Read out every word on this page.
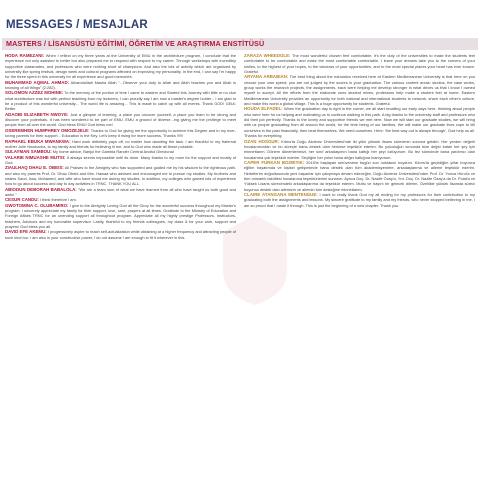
MESSAGES / MESAJLAR
MASTERS / LİSANSÜSTÜ EĞİTİMİ, ÖĞRETİM VE ARAŞTIRMA ENSTİTÜSÜ

HODA RAMEZANI: When I reflect on my three years at the University of EMU in the architecture program, I conclude that the experience not only assisted to better but also prepared me to respond with respect to my career. Through workshops with incredibly supportive classmates, and professors who were nothing short of champions. And also the lots of activity which are organized by university like spring festival, design week and cultural programs affected on improving my personality. In the end, I can say I'm happy for the three spent in this university for all experience and good memories.

MUHAMMAD AQMAL AHMAD: Alhamdulilah Masha Allah "...Observe your duty to Allah and Allah teaches you and Allah is knowing of all things" (2:282).

SOLOMON AZZEZ MOHINE: To the memory of the portion of time I came to eastern and Started this Journey with little or no clue what architecture was but with perfect teaching from my lecturers, I can proudly say I am now a master's degree holder... I am glad to be a product of this wonderful university... The world life is amazing... This is made to catch up with all events. Thank GOD! GEIA: Better

ADAOBI ELIZABETH NWOYE: Just a glimpse of learning, a place you uncover yourself, a place you learn to be strong and discover your potentials. It has been wonderful to be part of EMU. EMU a ground of diverse...ing giving me the privilege to meet people from all over the world. God bless EMU! God bless me!

OSEREMHEN HUMPHREY OMOZEJELE: Thanks to God for giving me the opportunity to achieve this Degree and to my ever-loving parents for their support... Education is the Key. Let's keep it rising for more success. Thanks !!!!!!

RAPHAEL EBUKA MWANKWA: Hard work definitely pays off, no matter how daunting the task. I am thankful to my fraternal mother Julie Nwokocha, to my family and friends for believing in me, and to God who made all these possible.

SULAYMAN SAMBOU: My home advice, Banjul the Gambia Rander Central Ancitul Direcional

VALARIE NIMUASHE MUTSI: It always seems impossible until its done. Many thanks to my mum for the support and mostly of God.

ZIAULHAQ DHAU E. OBEIS: All Praises to the Almighty who has supported and guided me by his wisdom to the righteous path, and also my parents Prof. Dr. Dhau Obeid and Mrs. Hawaa who advised and encouraged me to pursue my studies. My brothers and sisters Saud, Issa, Mohamed, and wife who have stood me during my studies. In addition, my colleges who gained lots of experience how to go about success and day to day activities in TRNC. THANK YOU ALL.

ABIODUN DEBORAH BABALOLA: "We are a team sum of what we have learned from all who have taught us both good and awful."

CESUR CANDU: I think therefore I am.

GWOTOMINA C. OLUBAMIRO: I give to the Almighty Loving God all the Glory for the wonderful success throughout my Master's program. I sincerely appreciate my family for their support, love, care, prayers at all times. Gratitude to the Ministry of Education and Foreign Affairs TRNC for an unending support all throughout program. Appreciate all my highly prestige Professors, Instructors, teachers, Advisors and my honorable supervisor. Lastly, thankful to my friends colleagues, my class & for your care, support and prayers! God bless you all.

DAVID EFE AKEMU: I progressively aspire to reach self-actualization while obtaining at a higher frequency and attracting people of such kind too. I am also in your constructive power, I do not assume I am enough to fit it wherever in this.

ZARAZA WHEEDOLE: The most wonderful chosen feel comfortable, it's the duty of the universities to make the students feel comfortable to be comfortable and make the most comfortable comfortable. I leave your dreams take you to the corners of your smiles, to the highest of your hopes, to the windows of your opportunities, and to the most special places your heart has ever known. Grateful.

ARYANA ARBABIAN: The best thing about the education received here at Eastern Mediterranean University is that here on you choose your own speed; you are not judged by the scores in your graduation. The various content areas: studios, the case works, group works the research projects, the assignments, each were helping me develop stronger in what drives us that I know I owned myself to accept. All the efforts from the elaborate ones student mixes, professors help make a student feel at home. Eastern Mediterranean University provides an opportunity for both national and international students to network, share each other's culture, and make this world a global village. This is a huge opportunity for students. Grateful.

HOUDA ELFADEL: When the graduation day is right in the corner, we all start recalling our early days here, thinking about people who were here for us helping and motivating us to continue walking in this path. A big thanks to the university staff and professors who did their job perfectly. Thanks to the lovely and supportive friends we met here. Now we will start our graduate studies, we will bring with us people graduating from all around the world, for the time being of our families. We will make our graduate lives cope to kill ourselves in the past financially, then beat themselves. We need ourselves. Here: 'the best way out is always through'. God help us all. Thanks for everything.

OZAN HOSGUR: Kıbrıs'ta Doğu Akdeniz Üniversitesi'nde iki yıllık yüksek lisans sürecimin sonuna geldim. Her yerden değerli hocalarımızdan ve bu süreçte bana destek olan herkese teşekkür ederim. Bu yolculuğun sonunda bize değer katan her şey için minnettarım. Dönem dönemlerimizi, her sınıf arkadaşımın bana kattığı her şeyi özlüyorum. Bu tez sürecinde bana yardımcı olan hocalarıma çok teşekkür ederim. Seçtiğim her yolun bana değer kattığına inanıyorum.

CAPER FURKAN BOZBIYIK: 2015'te başlayan serüvenime bugün son noktasını koydum. Kıbrıs'ta geçirdiğim yıllar boyunca eğitim hayatımda ve kişisel gelişimimde bana destek olan tüm akademisyenlere, arkadaşlarıma ve aileme teşekkür ederim. Hedeflerim doğrultusunda yeni başarılar için çalışmaya devam edeceğim. Doğu Akdeniz Üniversitesi'nden Prof. Dr. Yonca Hürol'a ve tüm mimarlık fakültesi hocalarıma teşekkürlerimi sunarım. Ayrıca Doç. Dr. Nazife Özay'a, Yrd. Doç. Dr. Nazife Özay'a da Dr. Polat'a ve Yüksek Lisans sürecimdeki arkadaşlarıma da teşekkür ederim. Mutlu ve hayırlı bir gelecek dilerim. Özellikle yüksek lisansta süreci boyunca destek olan ailemizin ve ailemin tüm desteğine minnettarım.

CLAIRE ATANGANA MENTENGUE: I want to really thank God my all ending for my professors for their contribution to my graduating both the assignments and lessons. My sincere gratitude to my family and my friends, who never stopped believing in me, I am so proud that I made it through. This is just the beginning of a new chapter. Thank you.
